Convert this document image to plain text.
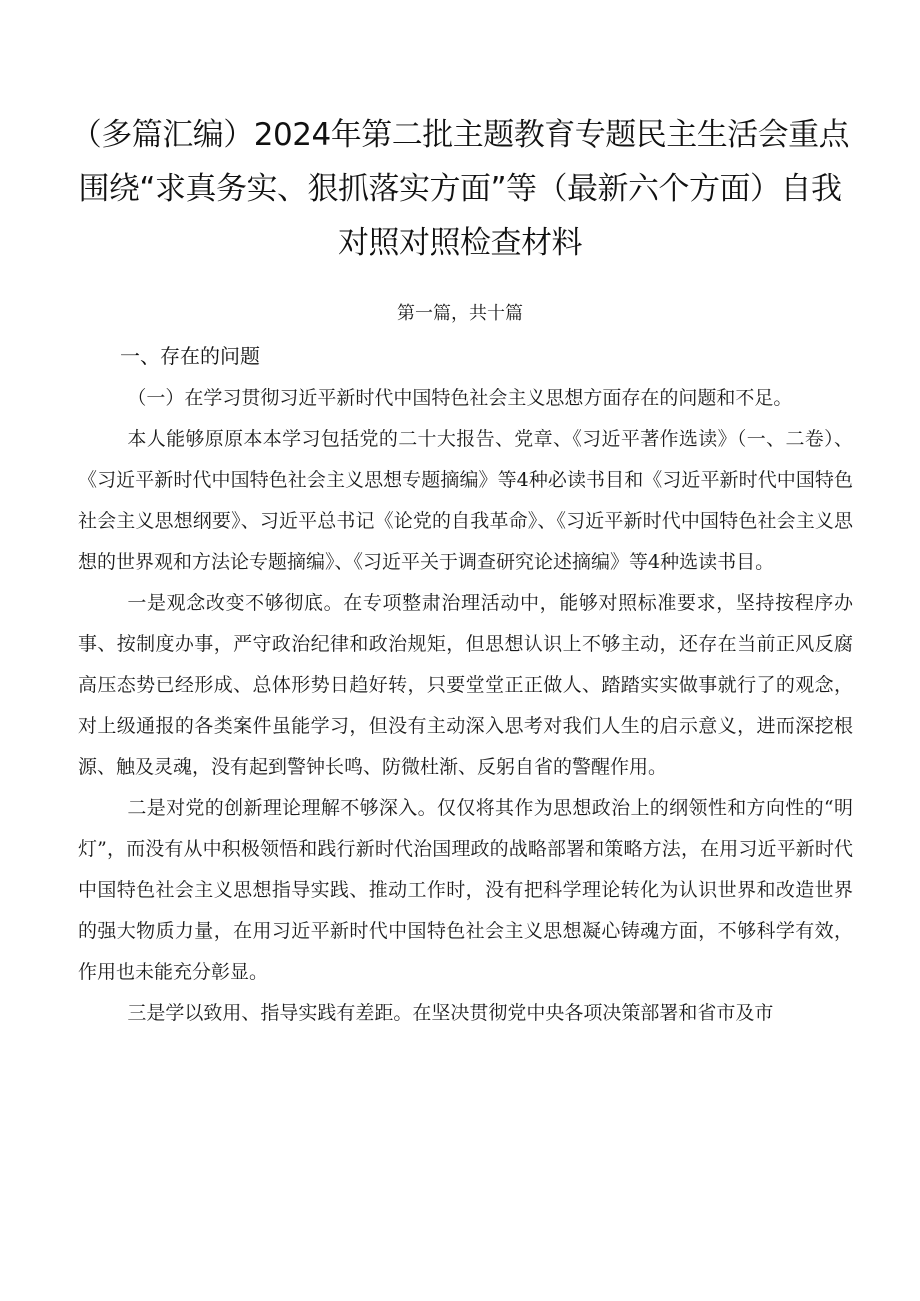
（多篇汇编）2024年第二批主题教育专题民主生活会重点围绕“求真务实、狠抓落实方面”等（最新六个方面）自我对照对照检查材料
第一篇，共十篇
一、存在的问题

（一）在学习贯彻习近平新时代中国特色社会主义思想方面存在的问题和不足。

本人能够原原本本学习包括党的二十大报告、党章、《习近平著作选读》（一、二卷）、《习近平新时代中国特色社会主义思想专题摘编》等4种必读书目和《习近平新时代中国特色社会主义思想纲要》、习近平总书记《论党的自我革命》、《习近平新时代中国特色社会主义思想的世界观和方法论专题摘编》、《习近平关于调查研究论述摘编》等4种选读书目。

一是观念改变不够彻底。在专项整肃治理活动中，能够对照标准要求，坚持按程序办事、按制度办事，严守政治纪律和政治规矩，但思想认识上不够主动，还存在当前正风反腐高压态势已经形成、总体形势日趋好转，只要堂堂正正做人、踏踏实实做事就行了的观念，对上级通报的各类案件虽能学习，但没有主动深入思考对我们人生的启示意义，进而深挖根源、触及灵魂，没有起到警钟长鸣、防微杜渐、反躬自省的警醒作用。

二是对党的创新理论理解不够深入。仅仅将其作为思想政治上的纲领性和方向性的“明灯”，而没有从中积极领悟和践行新时代治国理政的战略部署和策略方法，在用习近平新时代中国特色社会主义思想指导实践、推动工作时，没有把科学理论转化为认识世界和改造世界的强大物质力量，在用习近平新时代中国特色社会主义思想凝心铸魂方面，不够科学有效，作用也未能充分彰显。

三是学以致用、指导实践有差距。在坚决贯彻党中央各项决策部署和省市及市
